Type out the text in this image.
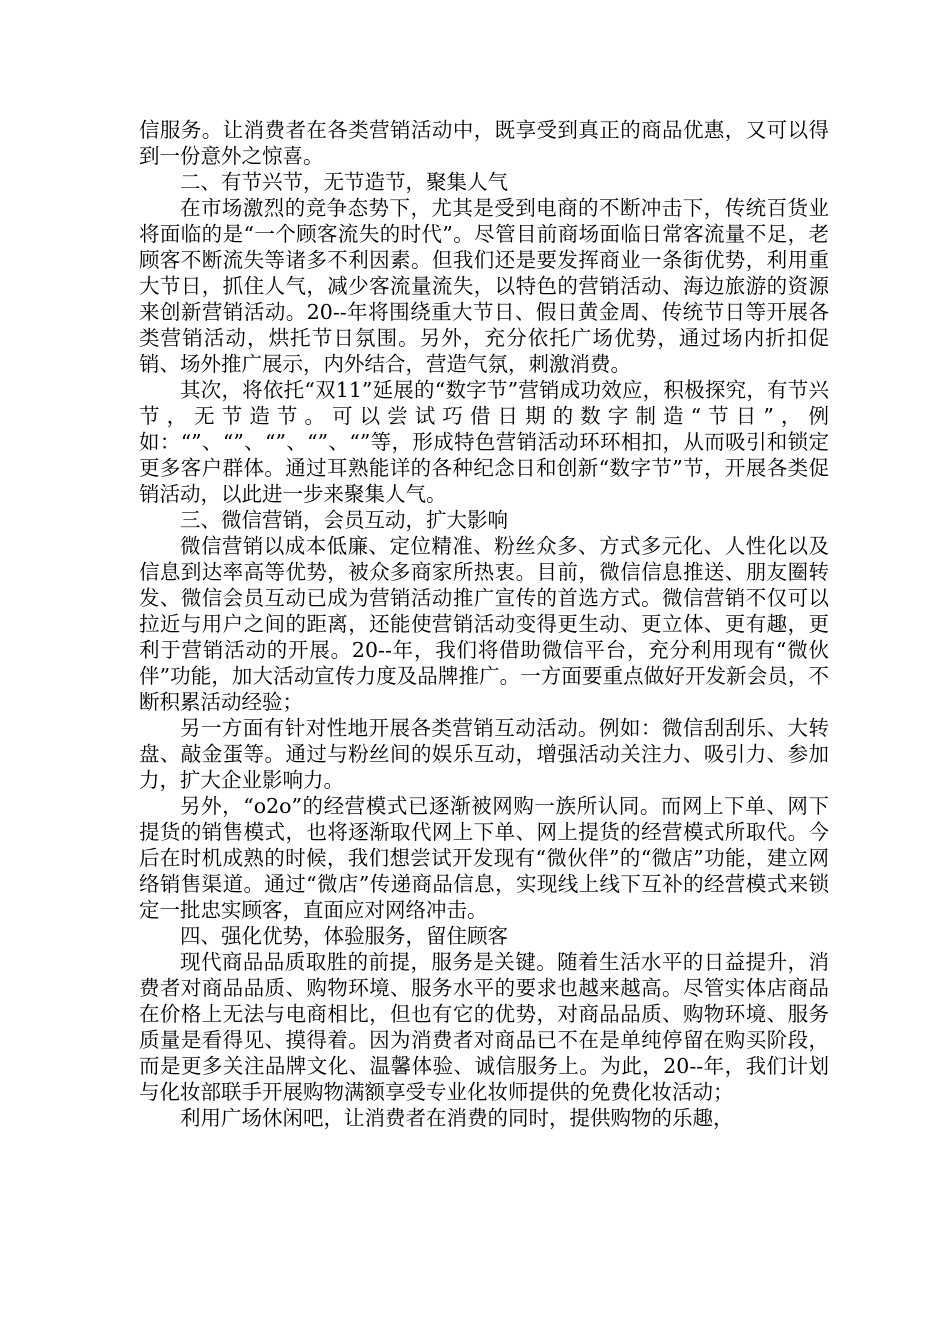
信服务。让消费者在各类营销活动中，既享受到真正的商品优惠，又可以得到一份意外之惊喜。

二、有节兴节，无节造节，聚集人气

在市场激烈的竞争态势下，尤其是受到电商的不断冲击下，传统百货业将面临的是“一个顾客流失的时代”。尽管目前商场面临日常客流量不足，老顾客不断流失等诸多不利因素。但我们还是要发挥商业一条街优势，利用重大节日，抓住人气，减少客流量流失，以特色的营销活动、海边旅游的资源来创新营销活动。20--年将围绕重大节日、假日黄金周、传统节日等开展各类营销活动，烘托节日氛围。另外，充分依托广场优势，通过场内折扣促销、场外推广展示，内外结合，营造气氛，刺激消费。

其次，将依托“双11”延展的“数字节”营销成功效应，积极探究，有节兴节，无节造节。可以尝试巧借日期的数字制造“节日”，例如：“”、“”、“”、“”、“”等，形成特色营销活动环环相扣，从而吸引和锁定更多客户群体。通过耳熟能详的各种纪念日和创新“数字节”节，开展各类促销活动，以此进一步来聚集人气。

三、微信营销，会员互动，扩大影响

微信营销以成本低廉、定位精准、粉丝众多、方式多元化、人性化以及信息到达率高等优势，被众多商家所热衷。目前，微信信息推送、朋友圈转发、微信会员互动已成为营销活动推广宣传的首选方式。微信营销不仅可以拉近与用户之间的距离，还能使营销活动变得更生动、更立体、更有趣，更利于营销活动的开展。20--年，我们将借助微信平台，充分利用现有“微伙伴”功能，加大活动宣传力度及品牌推广。一方面要重点做好开发新会员，不断积累活动经验；

另一方面有针对性地开展各类营销互动活动。例如：微信刮刮乐、大转盘、敲金蛋等。通过与粉丝间的娱乐互动，增强活动关注力、吸引力、参加力，扩大企业影响力。

另外，“o2o”的经营模式已逐渐被网购一族所认同。而网上下单、网下提货的销售模式，也将逐渐取代网上下单、网上提货的经营模式所取代。今后在时机成熟的时候，我们想尝试开发现有“微伙伴”的“微店”功能，建立网络销售渠道。通过“微店”传递商品信息，实现线上线下互补的经营模式来锁定一批忠实顾客，直面应对网络冲击。

四、强化优势，体验服务，留住顾客

现代商品品质取胜的前提，服务是关键。随着生活水平的日益提升，消费者对商品品质、购物环境、服务水平的要求也越来越高。尽管实体店商品在价格上无法与电商相比，但也有它的优势，对商品品质、购物环境、服务质量是看得见、摸得着。因为消费者对商品已不在是单纯停留在购买阶段，而是更多关注品牌文化、温馨体验、诚信服务上。为此，20--年，我们计划与化妆部联手开展购物满额享受专业化妆师提供的免费化妆活动；

利用广场休闲吧，让消费者在消费的同时，提供购物的乐趣，
